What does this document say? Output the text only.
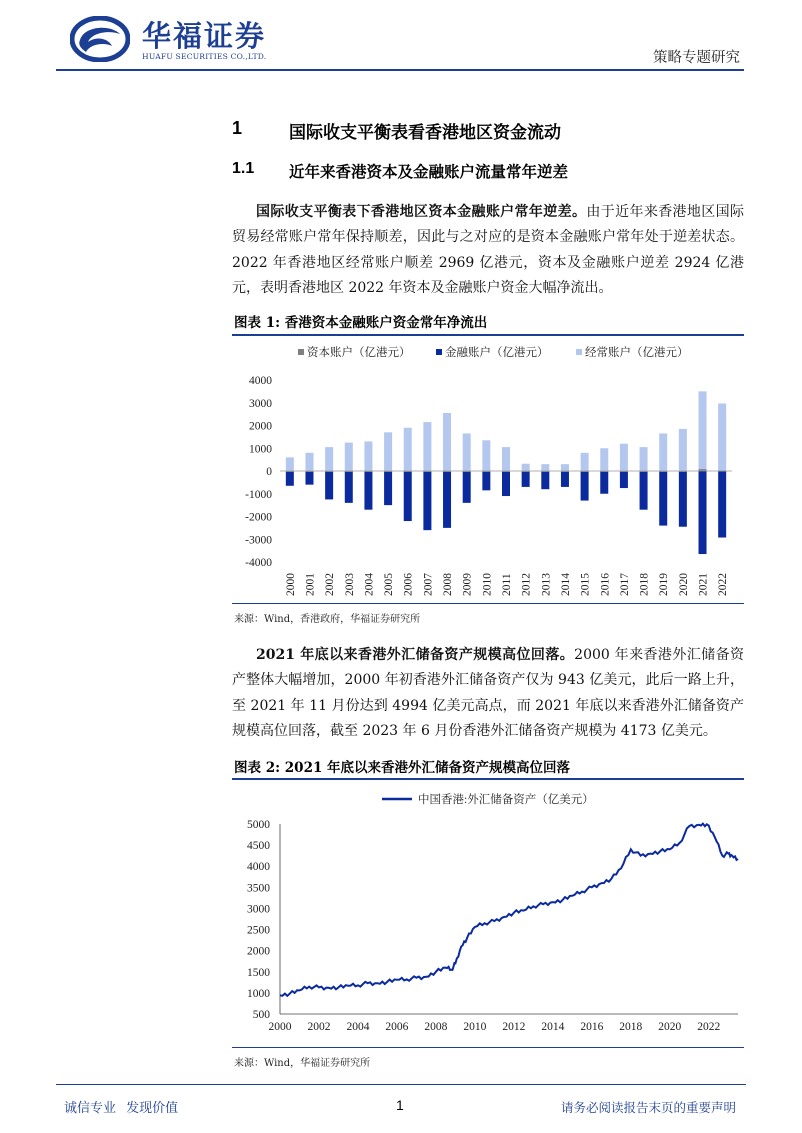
华福证券
HUAFU SECURITIES CO.,LTD.	策略专题研究
1	国际收支平衡表看香港地区资金流动
1.1 近年来香港资本及金融账户流量常年逆差
国际收支平衡表下香港地区资本金融账户常年逆差。由于近年来香港地区国际贸易经常账户常年保持顺差，因此与之对应的是资本金融账户常年处于逆差状态。2022 年香港地区经常账户顺差 2969 亿港元，资本及金融账户逆差 2924 亿港元，表明香港地区 2022 年资本及金融账户资金大幅净流出。
图表 1: 香港资本金融账户资金常年净流出
资本账户（亿港元）	金融账户（亿港元）	经常账户（亿港元）
4000
3000
2000
1000
0
-1000
-2000
-3000
-4000
2000 2001 2002 2003 2004 2005 2006 2007 2008 2009 2010 2011 2012 2013 2014 2015 2016 2017 2018 2019 2020 2021 2022
来源：Wind，香港政府，华福证券研究所
2021 年底以来香港外汇储备资产规模高位回落。2000 年来香港外汇储备资产整体大幅增加，2000 年初香港外汇储备资产仅为 943 亿美元，此后一路上升，至 2021 年 11 月份达到 4994 亿美元高点，而 2021 年底以来香港外汇储备资产规模高位回落，截至 2023 年 6 月份香港外汇储备资产规模为 4173 亿美元。
图表 2: 2021 年底以来香港外汇储备资产规模高位回落
中国香港:外汇储备资产（亿美元）
500
1000
1500
2000
2500
3000
3500
4000
4500
5000
2000 2002 2004 2006 2008 2010 2012 2014 2016 2018 2020 2022
来源：Wind，华福证券研究所
诚信专业 发现价值	1	请务必阅读报告末页的重要声明
